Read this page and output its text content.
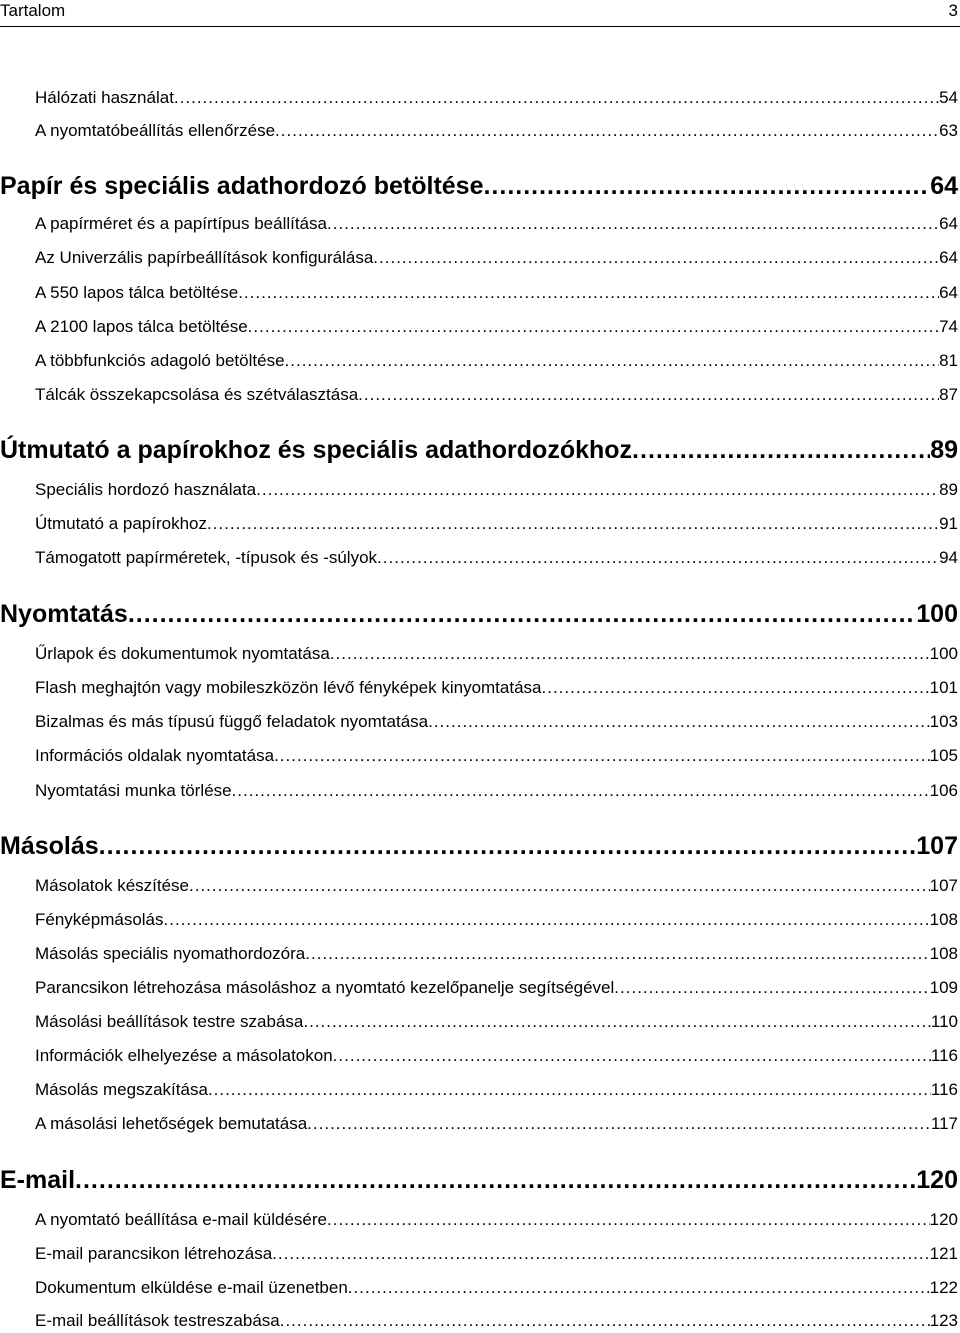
Tartalom	3
Hálózati használat .....	54
A nyomtatóbeállítás ellenőrzése .....	63
Papír és speciális adathordozó betöltése .....	64
A papírméret és a papírtípus beállítása .....	64
Az Univerzális papírbeállítások konfigurálása .....	64
A 550 lapos tálca betöltése .....	64
A 2100 lapos tálca betöltése .....	74
A többfunkciós adagoló betöltése .....	81
Tálcák összekapcsolása és szétválasztása .....	87
Útmutató a papírokhoz és speciális adathordozókhoz .....	89
Speciális hordozó használata .....	89
Útmutató a papírokhoz .....	91
Támogatott papírméretek, -típusok és -súlyok .....	94
Nyomtatás .....	100
Űrlapok és dokumentumok nyomtatása .....	100
Flash meghajtón vagy mobileszközön lévő fényképek kinyomtatása .....	101
Bizalmas és más típusú függő feladatok nyomtatása .....	103
Információs oldalak nyomtatása .....	105
Nyomtatási munka törlése .....	106
Másolás .....	107
Másolatok készítése .....	107
Fényképmásolás .....	108
Másolás speciális nyomathordozóra .....	108
Parancsikon létrehozása másoláshoz a nyomtató kezelőpanelje segítségével .....	109
Másolási beállítások testre szabása .....	110
Információk elhelyezése a másolatokon .....	116
Másolás megszakítása .....	116
A másolási lehetőségek bemutatása .....	117
E-mail .....	120
A nyomtató beállítása e-mail küldésére .....	120
E-mail parancsikon létrehozása .....	121
Dokumentum elküldése e-mail üzenetben .....	122
E-mail beállítások testreszabása .....	123
